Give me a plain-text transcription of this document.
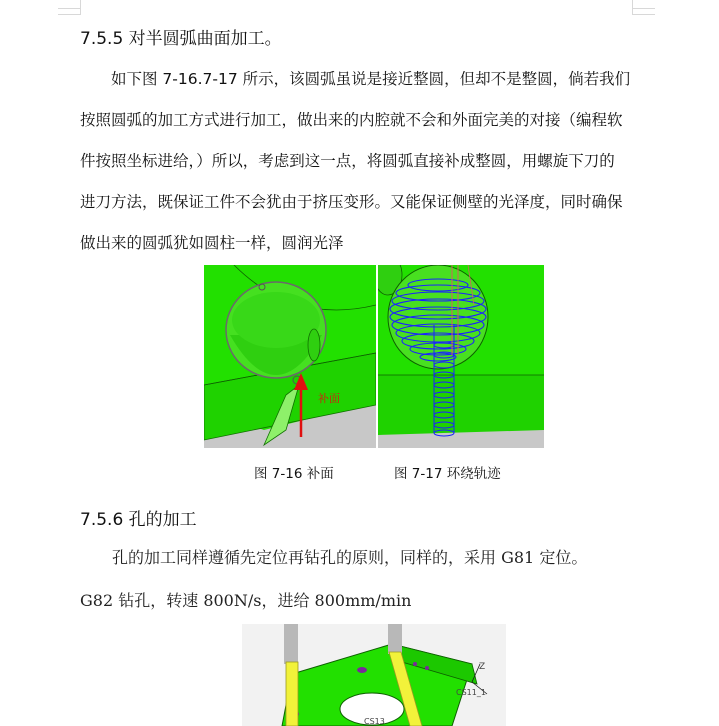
7.5.5 对半圆弧曲面加工。
　　如下图 7-16.7-17 所示，该圆弧虽说是接近整圆，但却不是整圆，倘若我们
按照圆弧的加工方式进行加工，做出来的内腔就不会和外面完美的对接（编程软
件按照坐标进给，）所以，考虑到这一点，将圆弧直接补成整圆，用螺旋下刀的
进刀方法，既保证工件不会犹由于挤压变形。又能保证侧壁的光泽度，同时确保
做出来的圆弧犹如圆柱一样，圆润光泽
补面
图 7-16 补面	图 7-17 环绕轨迹
7.5.6 孔的加工
　　孔的加工同样遵循先定位再钻孔的原则，同样的，采用 G81 定位。
G82 钻孔，转速 800N/s，进给 800mm/min
Z
CS11_1
CS13
